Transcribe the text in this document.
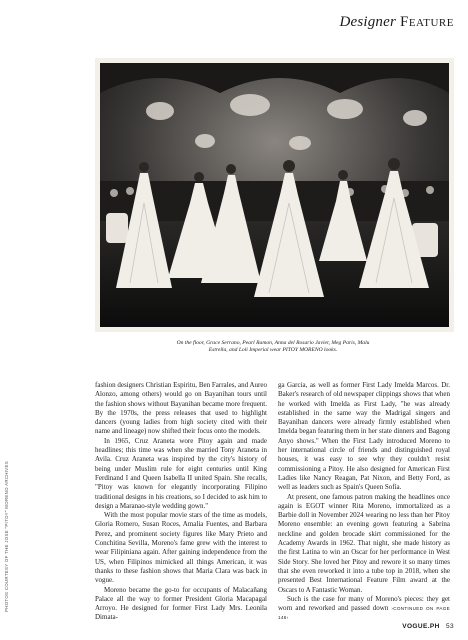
Designer Feature
On the floor, Grace Serrano, Pearl Ramon, Anna del Rosario Javier, Meg Paris, Malu Estrella, and Loli Imperial wear PITOY MORENO looks.
PHOTOS COURTESY OF THE JOSE "PITOY" MORENO ARCHIVES

fashion designers Christian Espiritu, Ben Farrales, and Aureo Alonzo, among others) would go on Bayanihan tours until the fashion shows without Bayanihan became more frequent. By the 1970s, the press releases that used to highlight dancers (young ladies from high society cited with their name and lineage) now shifted their focus onto the models.

In 1965, Cruz Araneta wore Pitoy again and made headlines; this time was when she married Tony Araneta in Avila. Cruz Araneta was inspired by the city's history of being under Muslim rule for eight centuries until King Ferdinand I and Queen Isabella II united Spain. She recalls, "Pitoy was known for elegantly incorporating Filipino traditional designs in his creations, so I decided to ask him to design a Maranao-style wedding gown."

With the most popular movie stars of the time as models, Gloria Romero, Susan Roces, Amalia Fuentes, and Barbara Perez, and prominent society figures like Mary Prieto and Conchitina Sevilla, Moreno's fame grew with the interest to wear Filipiniana again. After gaining independence from the US, when Filipinos mimicked all things American, it was thanks to these fashion shows that Maria Clara was back in vogue.

Moreno became the go-to for occupants of Malacañang Palace all the way to former President Gloria Macapagal Arroyo. He designed for former First Lady Mrs. Leonila Dimata-

ga Garcia, as well as former First Lady Imelda Marcos. Dr. Baker's research of old newspaper clippings shows that when he worked with Imelda as First Lady, "he was already established in the same way the Madrigal singers and Bayanihan dancers were already firmly established when Imelda began featuring them in her state dinners and Bagong Anyo shows." When the First Lady introduced Moreno to her international circle of friends and distinguished royal houses, it was easy to see why they couldn't resist commissioning a Pitoy. He also designed for American First Ladies like Nancy Reagan, Pat Nixon, and Betty Ford, as well as leaders such as Spain's Queen Sofía.

At present, one famous patron making the headlines once again is EGOT winner Rita Moreno, immortalized as a Barbie doll in November 2024 wearing no less than her Pitoy Moreno ensemble: an evening gown featuring a Sabrina neckline and golden brocade skirt commissioned for the Academy Awards in 1962. That night, she made history as the first Latina to win an Oscar for her performance in West Side Story. She loved her Pitoy and rewore it so many times that she even reworked it into a tube top in 2018, when she presented Best International Feature Film award at the Oscars to A Fantastic Woman.

Such is the case for many of Moreno's pieces: they get worn and reworked and passed down ›CONTINUED ON PAGE 146›

VOGUE.PH 53
